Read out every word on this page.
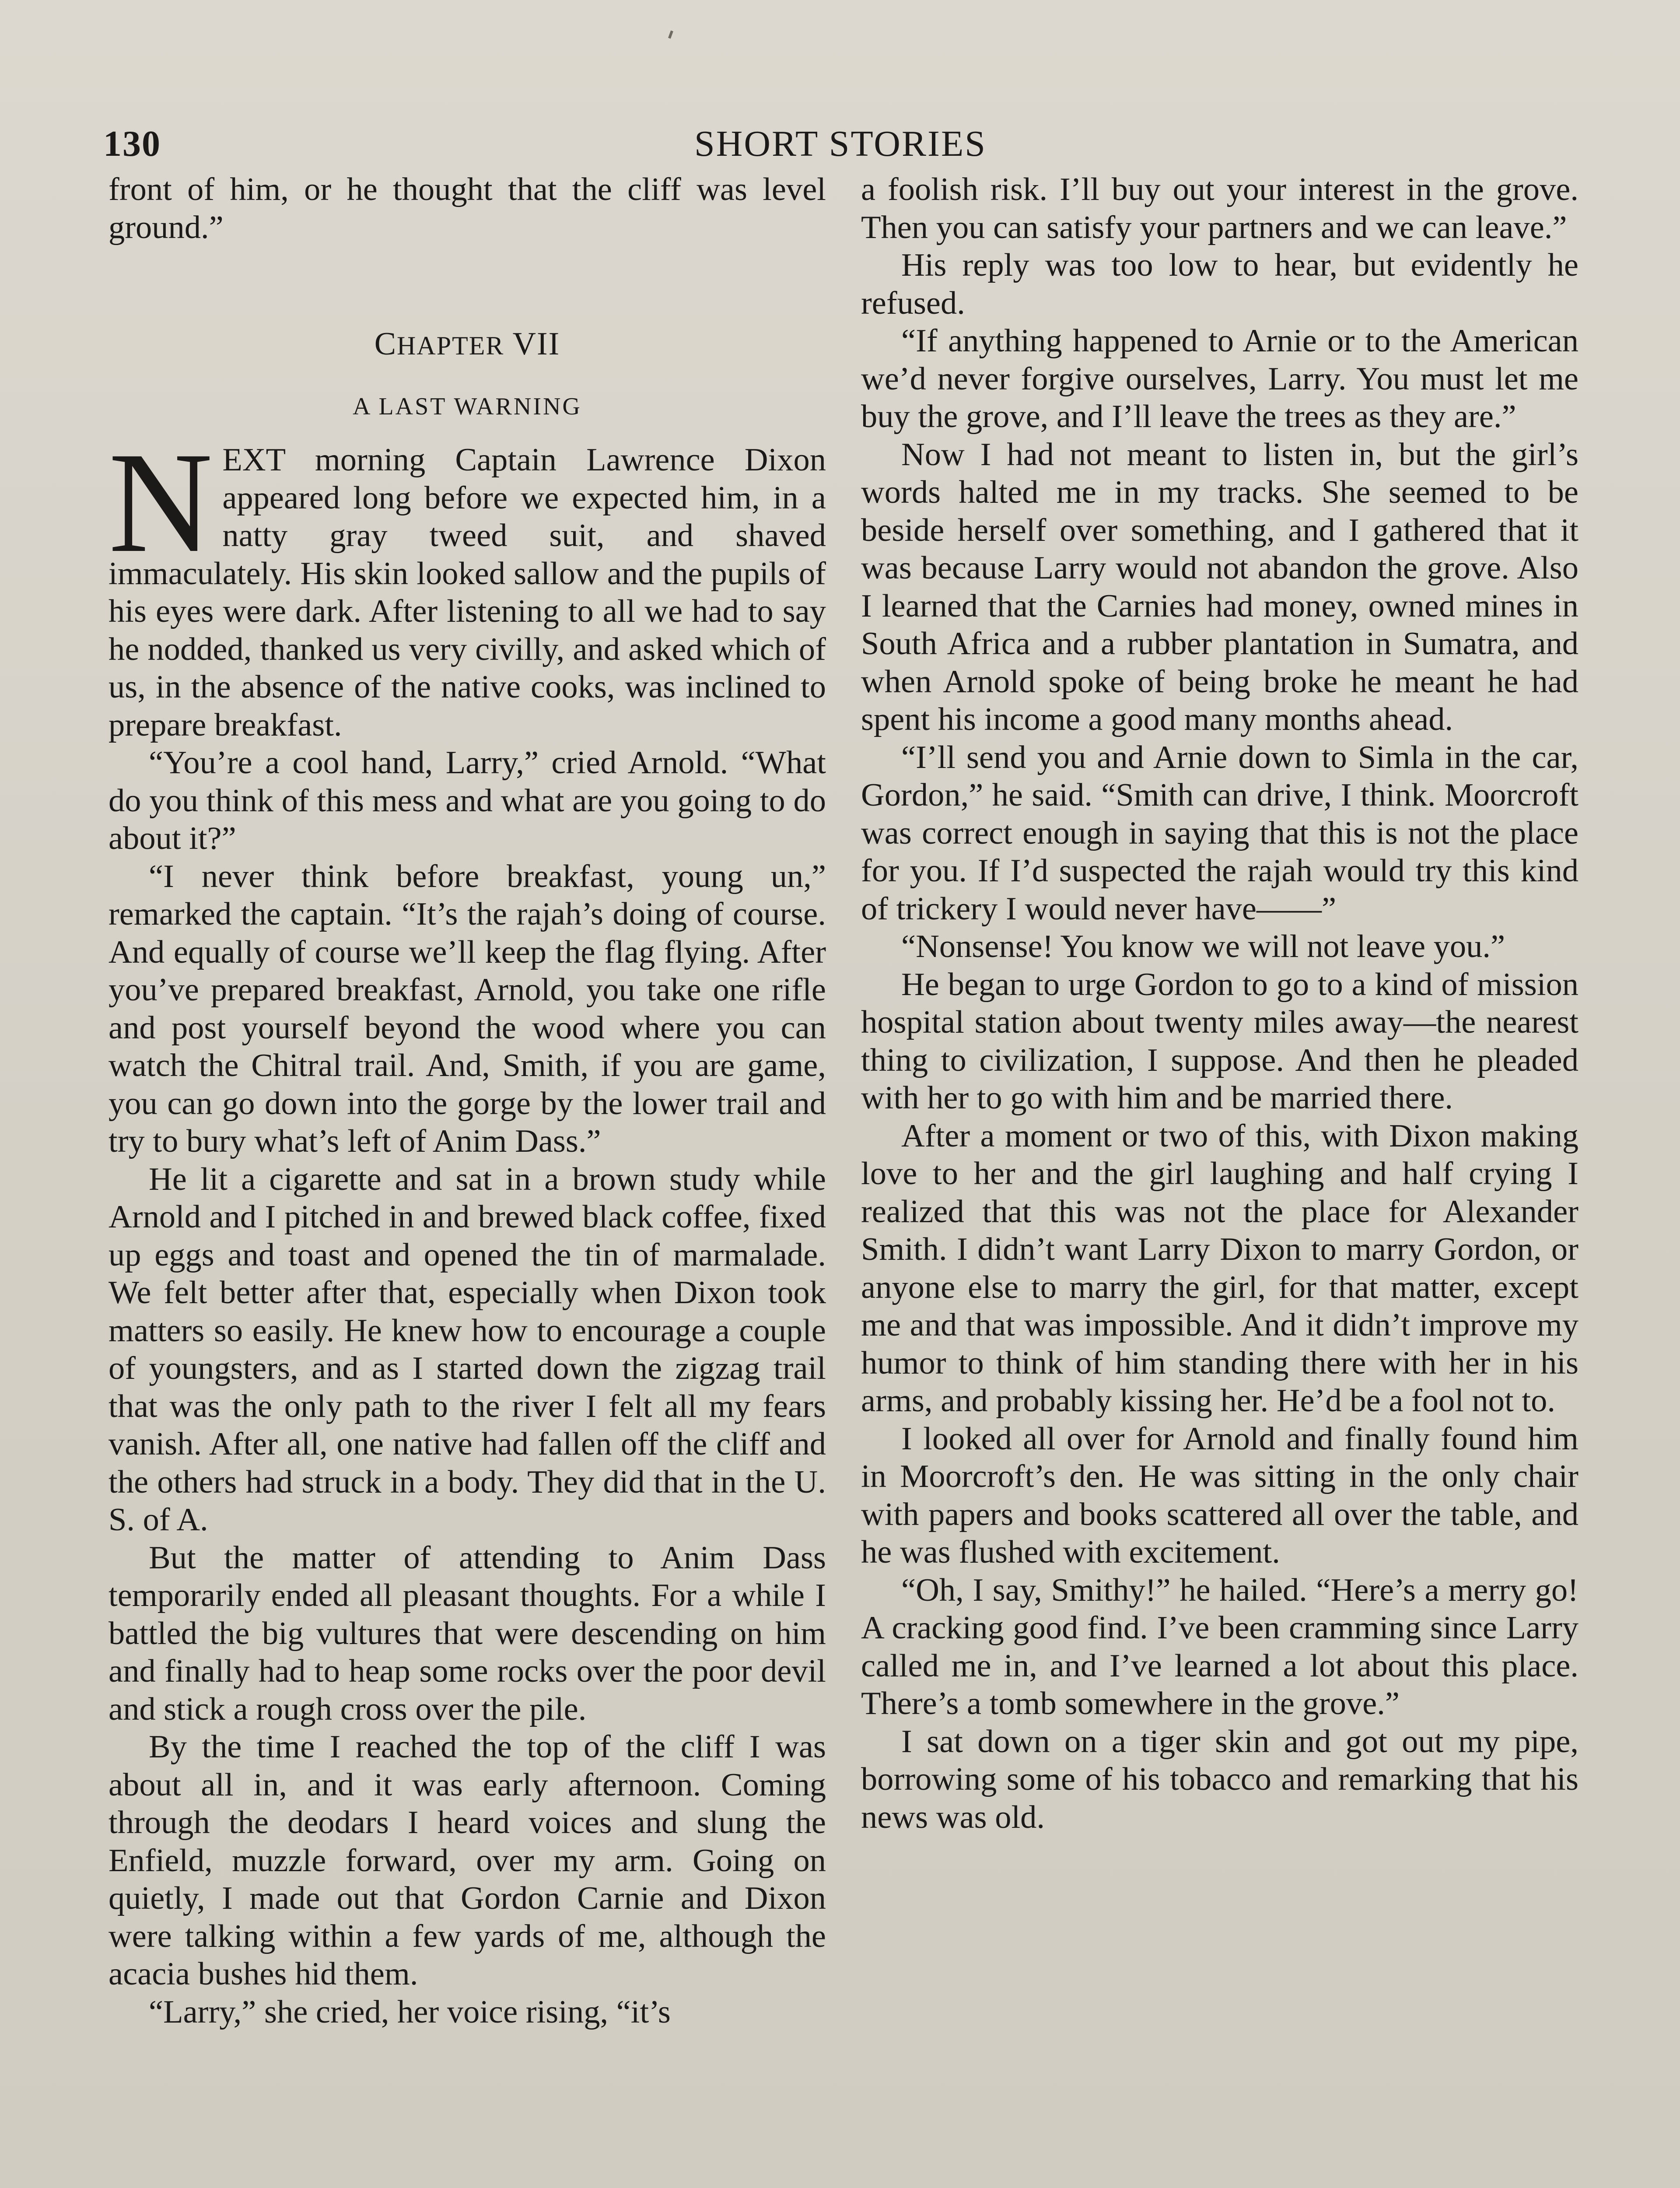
130	SHORT STORIES

front of him, or he thought that the cliff was level ground.”

CHAPTER VII
A LAST WARNING

NEXT morning Captain Lawrence Dixon appeared long before we expected him, in a natty gray tweed suit, and shaved immaculately. His skin looked sallow and the pupils of his eyes were dark. After listening to all we had to say he nodded, thanked us very civilly, and asked which of us, in the absence of the native cooks, was inclined to prepare breakfast.

“You’re a cool hand, Larry,” cried Arnold. “What do you think of this mess and what are you going to do about it?”

“I never think before breakfast, young un,” remarked the captain. “It’s the rajah’s doing of course. And equally of course we’ll keep the flag flying. After you’ve prepared breakfast, Arnold, you take one rifle and post yourself beyond the wood where you can watch the Chitral trail. And, Smith, if you are game, you can go down into the gorge by the lower trail and try to bury what’s left of Anim Dass.”

He lit a cigarette and sat in a brown study while Arnold and I pitched in and brewed black coffee, fixed up eggs and toast and opened the tin of marmalade. We felt better after that, especially when Dixon took matters so easily. He knew how to encourage a couple of youngsters, and as I started down the zigzag trail that was the only path to the river I felt all my fears vanish. After all, one native had fallen off the cliff and the others had struck in a body. They did that in the U. S. of A.

But the matter of attending to Anim Dass temporarily ended all pleasant thoughts. For a while I battled the big vultures that were descending on him and finally had to heap some rocks over the poor devil and stick a rough cross over the pile.

By the time I reached the top of the cliff I was about all in, and it was early afternoon. Coming through the deodars I heard voices and slung the Enfield, muzzle forward, over my arm. Going on quietly, I made out that Gordon Carnie and Dixon were talking within a few yards of me, although the acacia bushes hid them.

“Larry,” she cried, her voice rising, “it’s

a foolish risk. I’ll buy out your interest in the grove. Then you can satisfy your partners and we can leave.”

His reply was too low to hear, but evidently he refused.

“If anything happened to Arnie or to the American we’d never forgive ourselves, Larry. You must let me buy the grove, and I’ll leave the trees as they are.”

Now I had not meant to listen in, but the girl’s words halted me in my tracks. She seemed to be beside herself over something, and I gathered that it was because Larry would not abandon the grove. Also I learned that the Carnies had money, owned mines in South Africa and a rubber plantation in Sumatra, and when Arnold spoke of being broke he meant he had spent his income a good many months ahead.

“I’ll send you and Arnie down to Simla in the car, Gordon,” he said. “Smith can drive, I think. Moorcroft was correct enough in saying that this is not the place for you. If I’d suspected the rajah would try this kind of trickery I would never have——”

“Nonsense! You know we will not leave you.”

He began to urge Gordon to go to a kind of mission hospital station about twenty miles away—the nearest thing to civilization, I suppose. And then he pleaded with her to go with him and be married there.

After a moment or two of this, with Dixon making love to her and the girl laughing and half crying I realized that this was not the place for Alexander Smith. I didn’t want Larry Dixon to marry Gordon, or anyone else to marry the girl, for that matter, except me and that was impossible. And it didn’t improve my humor to think of him standing there with her in his arms, and probably kissing her. He’d be a fool not to.

I looked all over for Arnold and finally found him in Moorcroft’s den. He was sitting in the only chair with papers and books scattered all over the table, and he was flushed with excitement.

“Oh, I say, Smithy!” he hailed. “Here’s a merry go! A cracking good find. I’ve been cramming since Larry called me in, and I’ve learned a lot about this place. There’s a tomb somewhere in the grove.”

I sat down on a tiger skin and got out my pipe, borrowing some of his tobacco and remarking that his news was old.
